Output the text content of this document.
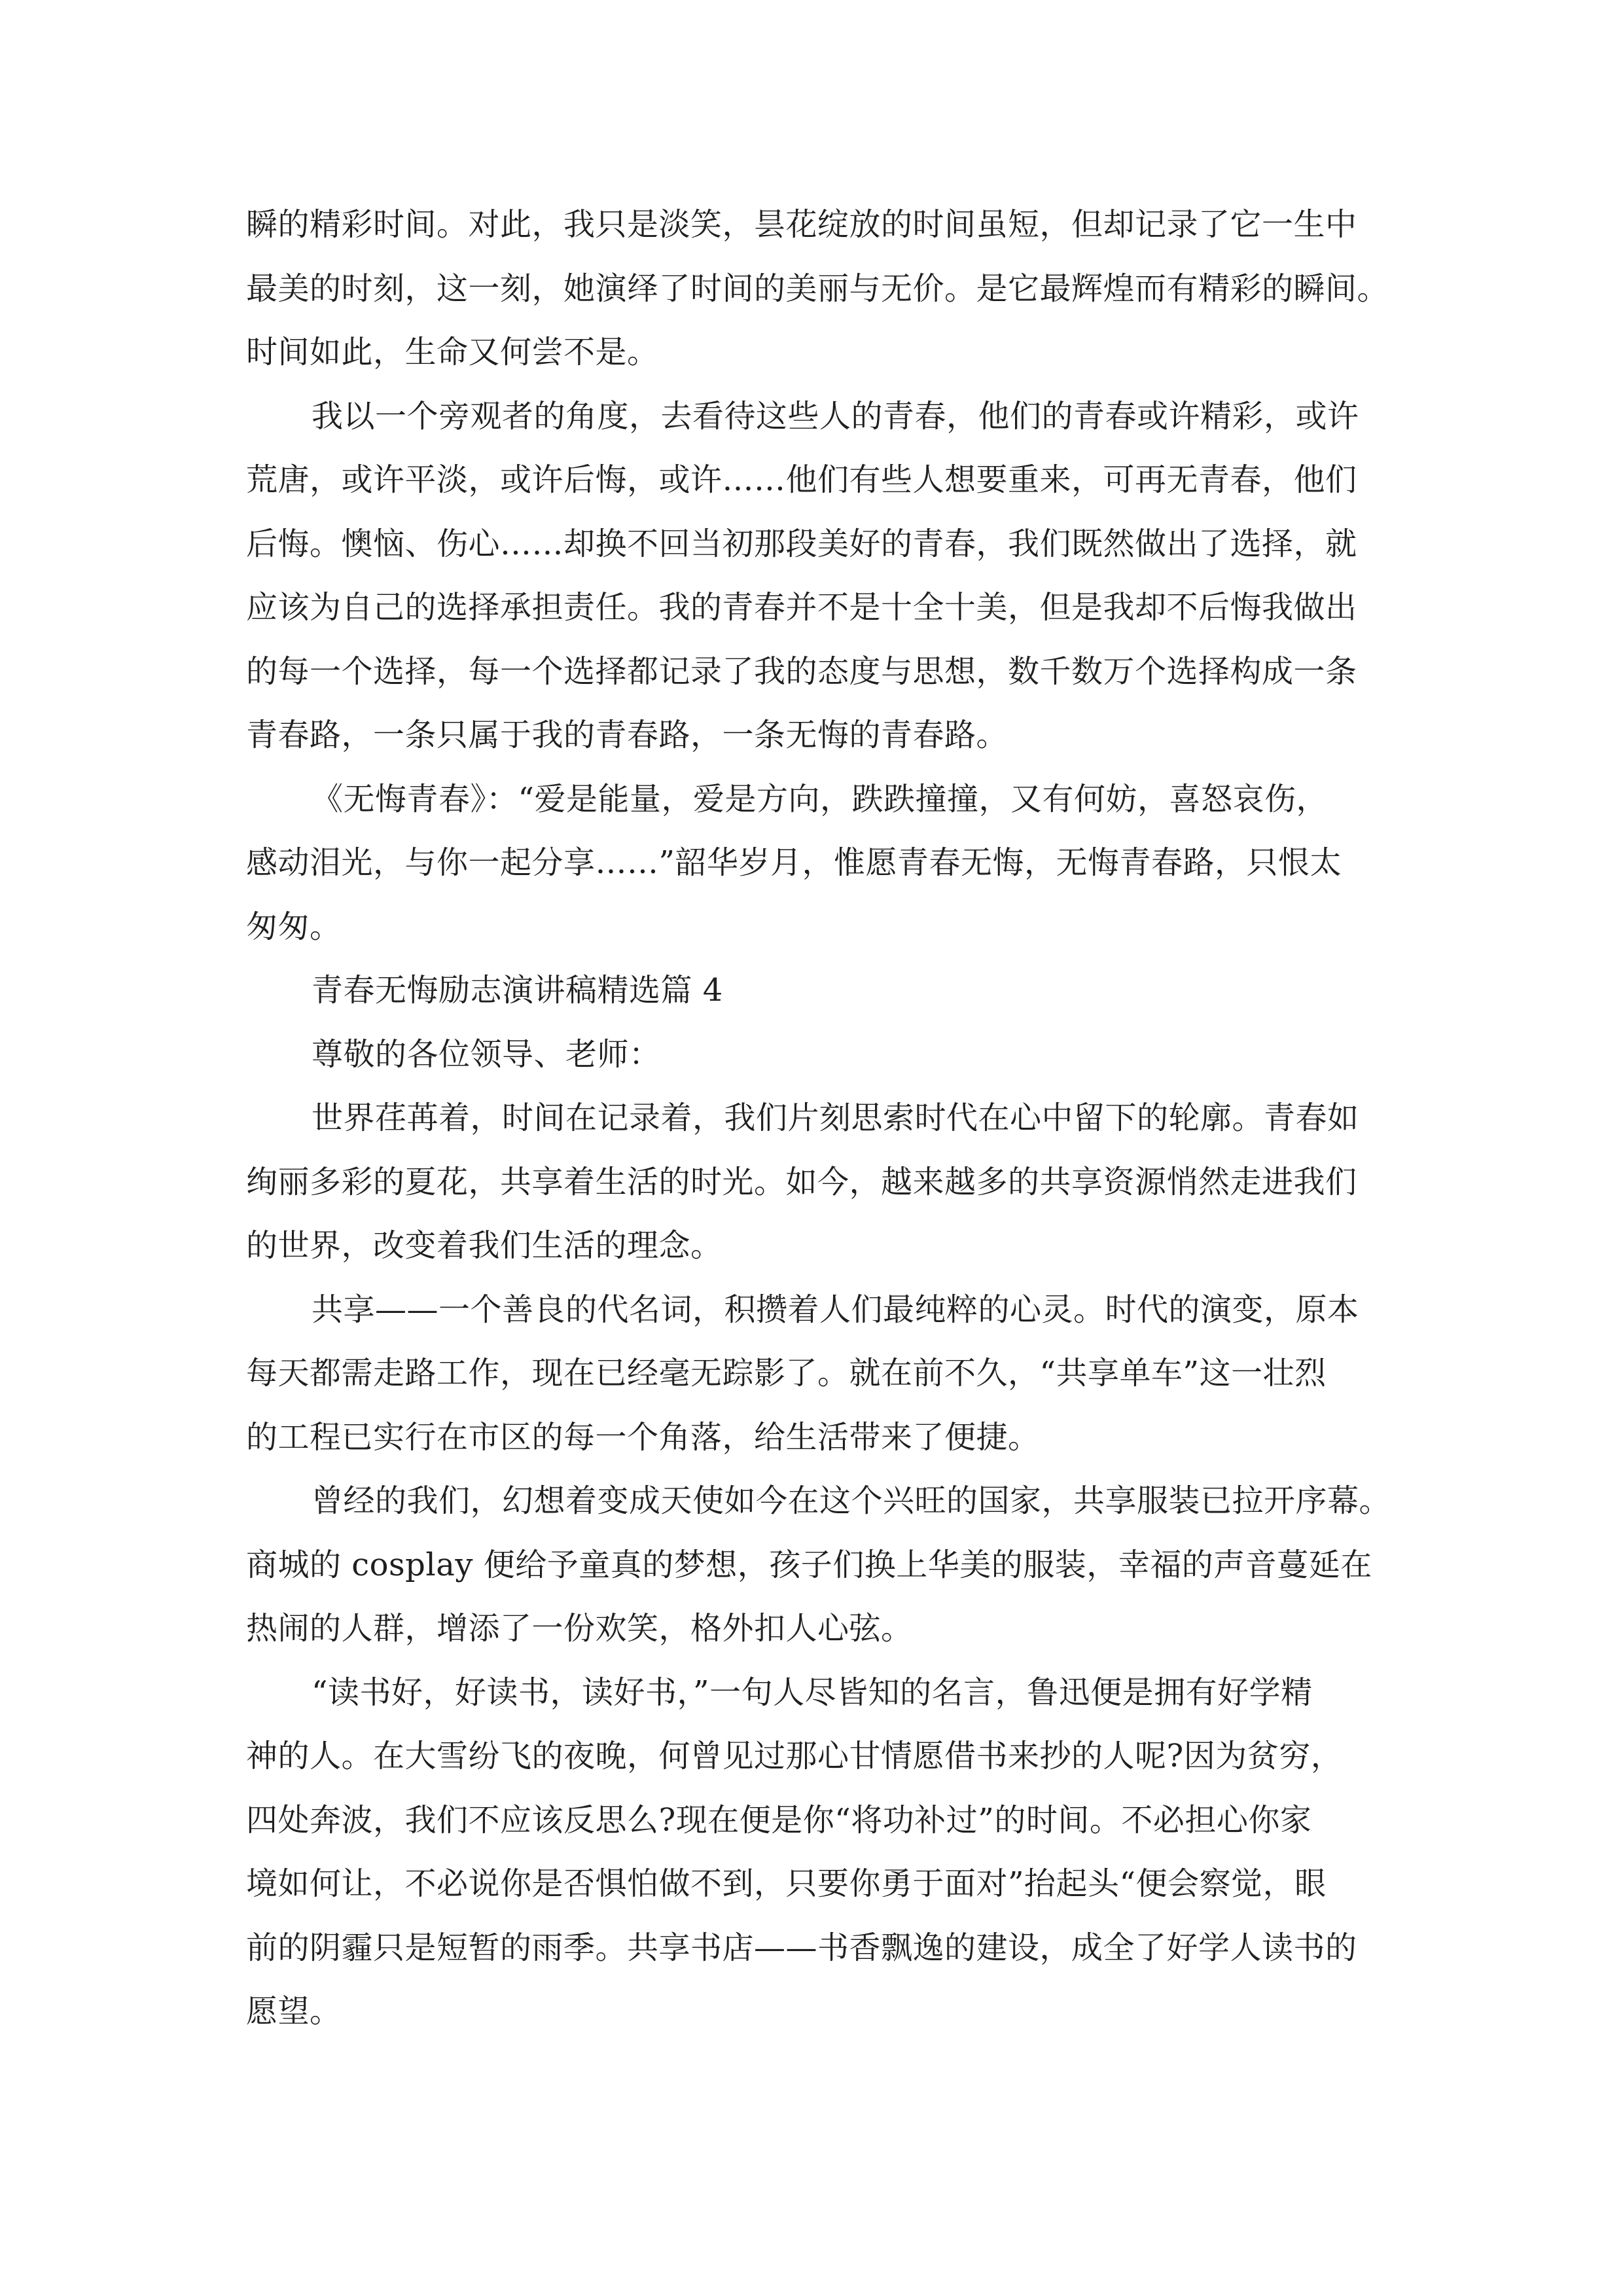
瞬的精彩时间。对此，我只是淡笑，昙花绽放的时间虽短，但却记录了它一生中
最美的时刻，这一刻，她演绎了时间的美丽与无价。是它最辉煌而有精彩的瞬间。
时间如此，生命又何尝不是。
我以一个旁观者的角度，去看待这些人的青春，他们的青春或许精彩，或许
荒唐，或许平淡，或许后悔，或许……他们有些人想要重来，可再无青春，他们
后悔。懊恼、伤心……却换不回当初那段美好的青春，我们既然做出了选择，就
应该为自己的选择承担责任。我的青春并不是十全十美，但是我却不后悔我做出
的每一个选择，每一个选择都记录了我的态度与思想，数千数万个选择构成一条
青春路，一条只属于我的青春路，一条无悔的青春路。
《无悔青春》：“爱是能量，爱是方向，跌跌撞撞，又有何妨，喜怒哀伤，
感动泪光，与你一起分享……”韶华岁月，惟愿青春无悔，无悔青春路，只恨太
匆匆。
青春无悔励志演讲稿精选篇 4
尊敬的各位领导、老师：
世界荏苒着，时间在记录着，我们片刻思索时代在心中留下的轮廓。青春如
绚丽多彩的夏花，共享着生活的时光。如今，越来越多的共享资源悄然走进我们
的世界，改变着我们生活的理念。
共享——一个善良的代名词，积攒着人们最纯粹的心灵。时代的演变，原本
每天都需走路工作，现在已经毫无踪影了。就在前不久，“共享单车”这一壮烈
的工程已实行在市区的每一个角落，给生活带来了便捷。
曾经的我们，幻想着变成天使如今在这个兴旺的国家，共享服装已拉开序幕。
商城的 cosplay 便给予童真的梦想，孩子们换上华美的服装，幸福的声音蔓延在
热闹的人群，增添了一份欢笑，格外扣人心弦。
“读书好，好读书，读好书，”一句人尽皆知的名言，鲁迅便是拥有好学精
神的人。在大雪纷飞的夜晚，何曾见过那心甘情愿借书来抄的人呢?因为贫穷，
四处奔波，我们不应该反思么?现在便是你“将功补过”的时间。不必担心你家
境如何让，不必说你是否惧怕做不到，只要你勇于面对”抬起头“便会察觉，眼
前的阴霾只是短暂的雨季。共享书店——书香飘逸的建设，成全了好学人读书的
愿望。
